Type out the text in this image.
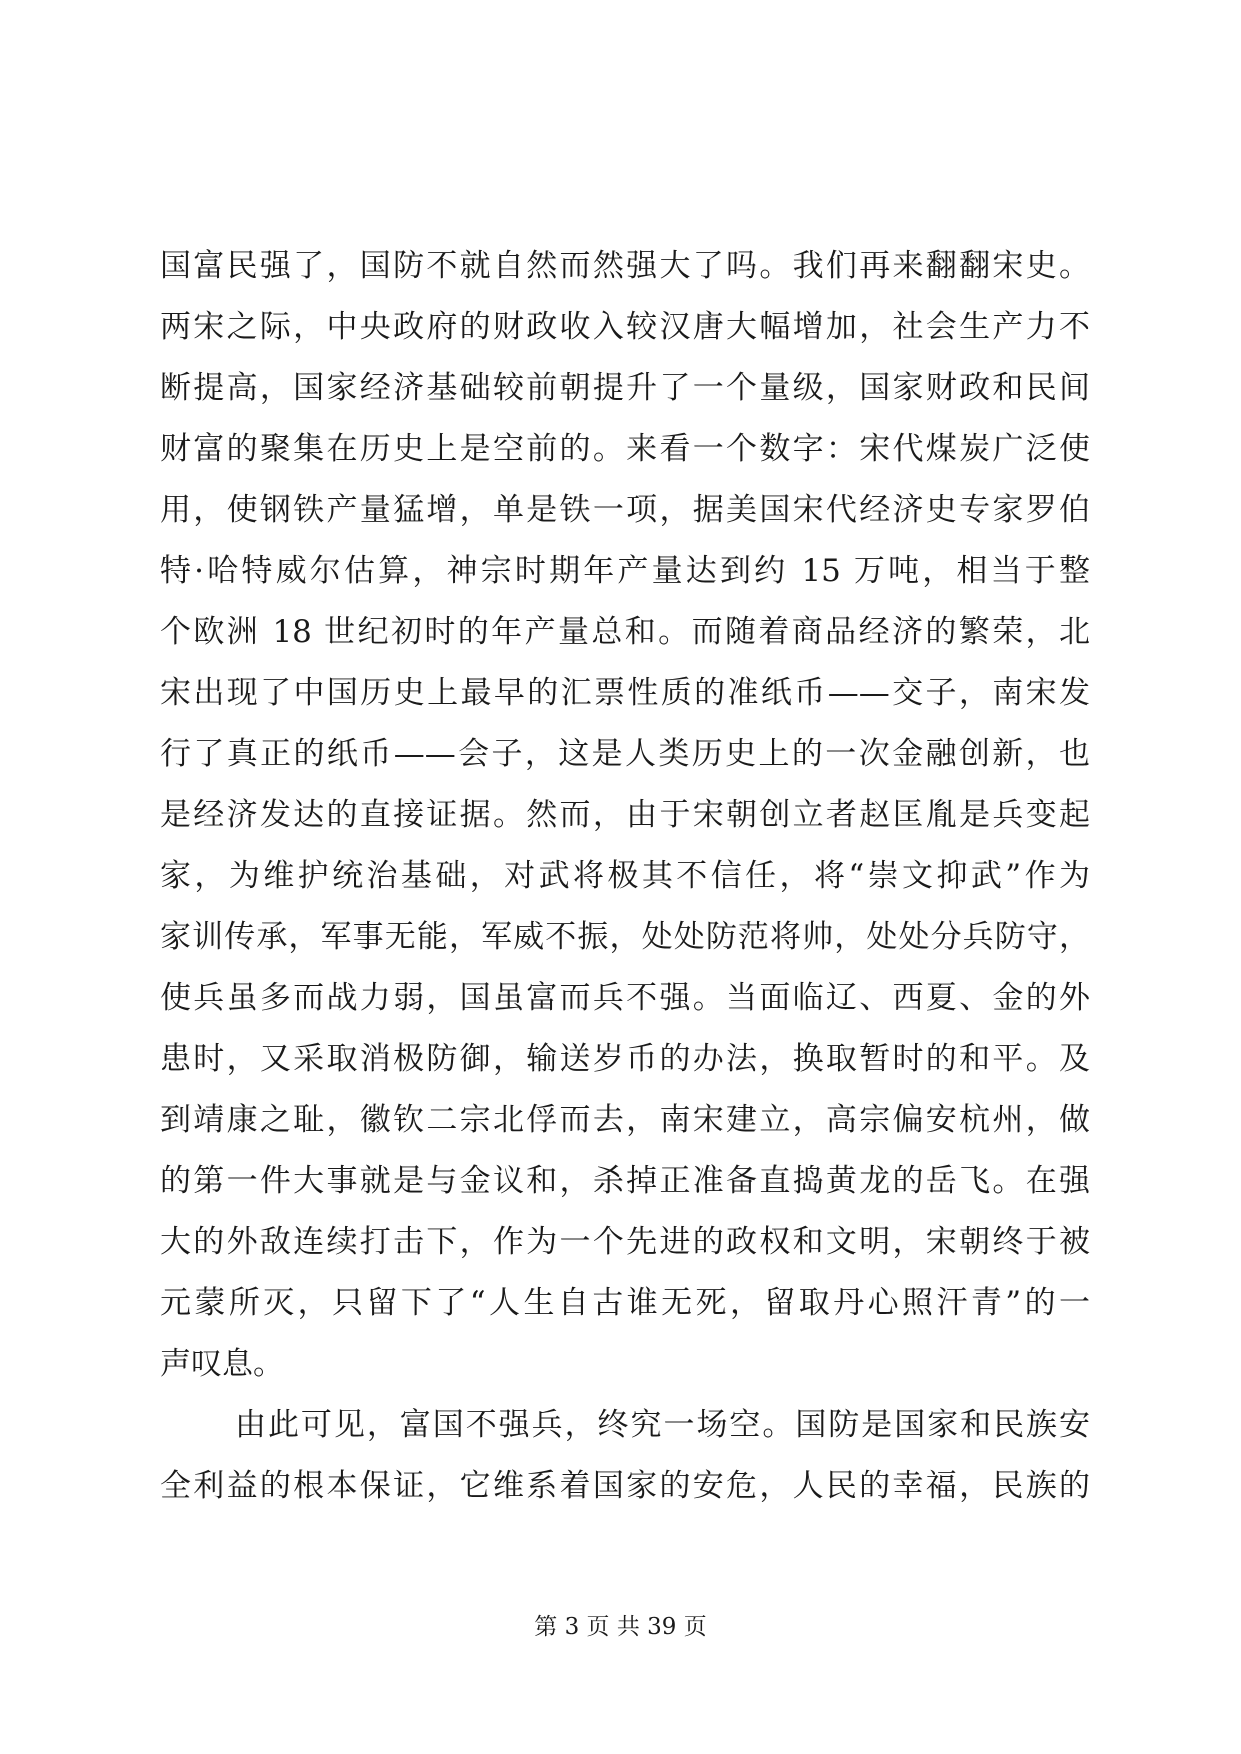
国富民强了，国防不就自然而然强大了吗。我们再来翻翻宋史。
两宋之际，中央政府的财政收入较汉唐大幅增加，社会生产力不
断提高，国家经济基础较前朝提升了一个量级，国家财政和民间
财富的聚集在历史上是空前的。来看一个数字：宋代煤炭广泛使
用，使钢铁产量猛增，单是铁一项，据美国宋代经济史专家罗伯
特·哈特威尔估算，神宗时期年产量达到约 15 万吨，相当于整
个欧洲 18 世纪初时的年产量总和。而随着商品经济的繁荣，北
宋出现了中国历史上最早的汇票性质的准纸币——交子，南宋发
行了真正的纸币——会子，这是人类历史上的一次金融创新，也
是经济发达的直接证据。然而，由于宋朝创立者赵匡胤是兵变起
家，为维护统治基础，对武将极其不信任，将“崇文抑武”作为
家训传承，军事无能，军威不振，处处防范将帅，处处分兵防守，
使兵虽多而战力弱，国虽富而兵不强。当面临辽、西夏、金的外
患时，又采取消极防御，输送岁币的办法，换取暂时的和平。及
到靖康之耻，徽钦二宗北俘而去，南宋建立，高宗偏安杭州，做
的第一件大事就是与金议和，杀掉正准备直捣黄龙的岳飞。在强
大的外敌连续打击下，作为一个先进的政权和文明，宋朝终于被
元蒙所灭，只留下了“人生自古谁无死，留取丹心照汗青”的一
声叹息。
由此可见，富国不强兵，终究一场空。国防是国家和民族安
全利益的根本保证，它维系着国家的安危，人民的幸福，民族的
第 3 页 共 39 页
